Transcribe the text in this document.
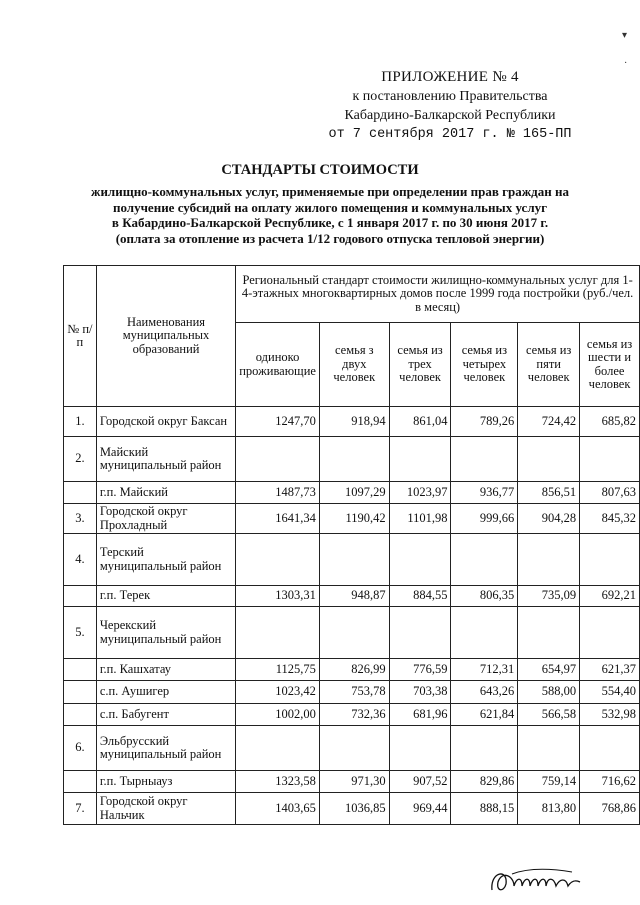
ПРИЛОЖЕНИЕ № 4
к постановлению Правительства
Кабардино-Балкарской Республики
от 7 сентября 2017 г. № 165-ПП
СТАНДАРТЫ СТОИМОСТИ
жилищно-коммунальных услуг, применяемые при определении прав граждан на
получение субсидий на оплату жилого помещения и коммунальных услуг
в Кабардино-Балкарской Республике, с 1 января 2017 г. по 30 июня 2017 г.
(оплата за отопление из расчета 1/12 годового отпуска тепловой энергии)
№ п/п	Наименования муниципальных образований	Региональный стандарт стоимости жилищно-коммунальных услуг для 1-4-этажных многоквартирных домов после 1999 года постройки (руб./чел. в месяц)					
		одиноко проживающие	семья з двух человек	семья из трех человек	семья из четырех человек	семья из пяти человек	семья из шести и более человек
1.	Городской округ Баксан	1247,70	918,94	861,04	789,26	724,42	685,82
2.	Майский муниципальный район						
	г.п. Майский	1487,73	1097,29	1023,97	936,77	856,51	807,63
3.	Городской округ Прохладный	1641,34	1190,42	1101,98	999,66	904,28	845,32
4.	Терский муниципальный район						
	г.п. Терек	1303,31	948,87	884,55	806,35	735,09	692,21
5.	Черекский муниципальный район						
	г.п. Кашхатау	1125,75	826,99	776,59	712,31	654,97	621,37
	с.п. Аушигер	1023,42	753,78	703,38	643,26	588,00	554,40
	с.п. Бабугент	1002,00	732,36	681,96	621,84	566,58	532,98
6.	Эльбрусский муниципальный район						
	г.п. Тырныауз	1323,58	971,30	907,52	829,86	759,14	716,62
7.	Городской округ Нальчик	1403,65	1036,85	969,44	888,15	813,80	768,86
▾
·
